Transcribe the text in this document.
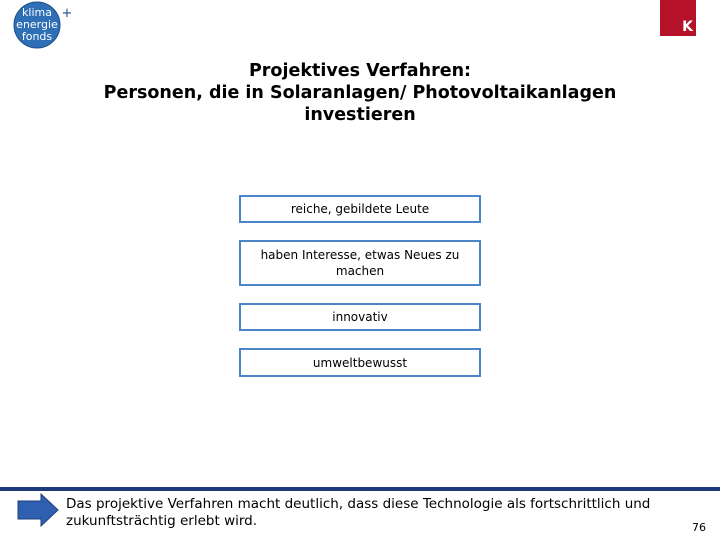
klima
energie
fonds
+
K
Projektives Verfahren:
Personen, die in Solaranlagen/ Photovoltaikanlagen
investieren
reiche, gebildete Leute
haben Interesse, etwas Neues zu machen
innovativ
umweltbewusst
Das projektive Verfahren macht deutlich, dass diese Technologie als fortschrittlich und zukunftsträchtig erlebt wird.	76
